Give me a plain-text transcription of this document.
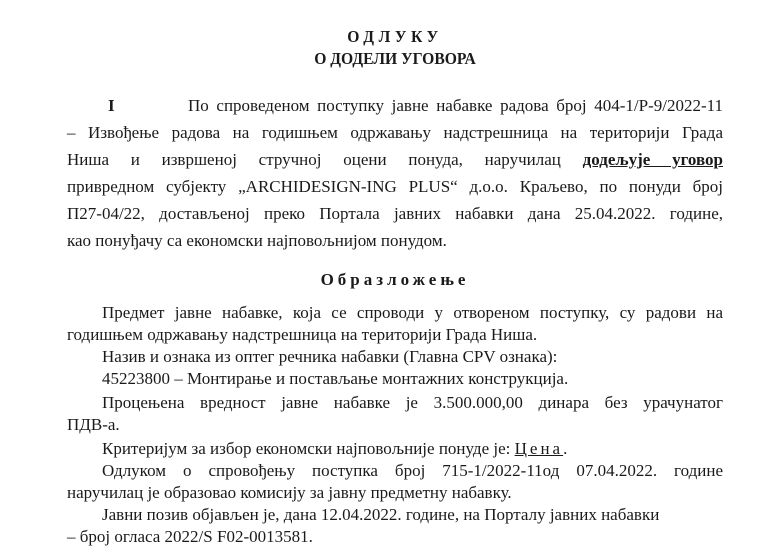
ОДЛУКУ
О ДОДЕЛИ УГОВОРА
I	По спроведеном поступку јавне набавке радова број 404-1/Р-9/2022-11
– Извођење радова на годишњем одржавању надстрешница на територији Града
Ниша и извршеној стручној оцени понуда, наручилац додељује уговор
привредном субјекту „ARCHIDESIGN-ING PLUS“ д.о.о. Краљево, по понуди број
П27-04/22, достављеној преко Портала јавних набавки дана 25.04.2022. године,
као понуђачу са економски најповољнијом понудом.
Образложење
Предмет јавне набавке, која се спроводи у отвореном поступку, су радови на
годишњем одржавању надстрешница на територији Града Ниша.
Назив и ознака из оптег речника набавки (Главна CPV ознака):
45223800 – Монтирање и постављање монтажних конструкција.
Процењена вредност јавне набавке је 3.500.000,00 динара без урачунатог
ПДВ-а.
Критеријум за избор економски најповољније понуде је: Цена.
Одлуком о спровођењу поступка број 715-1/2022-11од 07.04.2022. године
наручилац је образовао комисију за јавну предметну набавку.
Јавни позив објављен је, дана 12.04.2022. године, на Порталу јавних набавки
– број огласа 2022/S F02-0013581.
